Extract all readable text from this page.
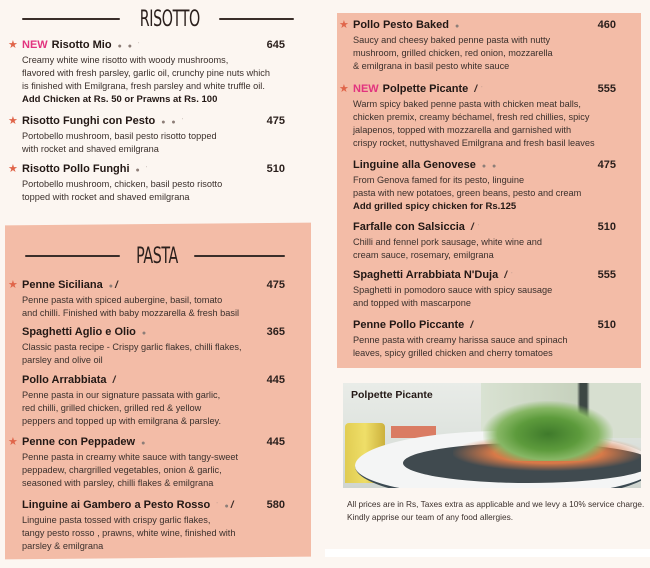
RISOTTO
★ NEW Risotto Mio ● ● ˙	645
Creamy white wine risotto with woody mushrooms,
flavored with fresh parsley, garlic oil, crunchy pine nuts which
is finished with Emilgrana, fresh parsley and white truffle oil.
Add Chicken at Rs. 50 or Prawns at Rs. 100
★ Risotto Funghi con Pesto ● ● ˙	475
Portobello mushroom, basil pesto risotto topped
with rocket and shaved emilgrana
★ Risotto Pollo Funghi ● ˙	510
Portobello mushroom, chicken, basil pesto risotto
topped with rocket and shaved emilgrana
PASTA
★ Penne Siciliana ●/	475
Penne pasta with spiced aubergine, basil, tomato
and chilli. Finished with baby mozzarella & fresh basil
Spaghetti Aglio e Olio ●	365
Classic pasta recipe - Crispy garlic flakes, chilli flakes,
parsley and olive oil
Pollo Arrabbiata /	445
Penne pasta in our signature passata with garlic,
red chilli, grilled chicken, grilled red & yellow
peppers and topped up with emilgrana & parsley.
★ Penne con Peppadew ●	445
Penne pasta in creamy white sauce with tangy-sweet
peppadew, chargrilled vegetables, onion & garlic,
seasoned with parsley, chilli flakes & emilgrana
Linguine ai Gambero a Pesto Rosso ˙ ●/	580
Linguine pasta tossed with crispy garlic flakes,
tangy pesto rosso , prawns, white wine, finished with
parsley & emilgrana
★ Pollo Pesto Baked ●	460
Saucy and cheesy baked penne pasta with nutty
mushroom, grilled chicken, red onion, mozzarella
& emilgrana in basil pesto white sauce
★ NEW Polpette Picante / ˙	555
Warm spicy baked penne pasta with chicken meat balls,
chicken premix, creamy béchamel, fresh red chillies, spicy
jalapenos, topped with mozzarella and garnished with
crispy rocket, nuttyshaved Emilgrana and fresh basil leaves
Linguine alla Genovese ● ●	475
From Genova famed for its pesto, linguine
pasta with new potatoes, green beans, pesto and cream
Add grilled spicy chicken for Rs.125
Farfalle con Salsiccia / ˙	510
Chilli and fennel pork sausage, white wine and
cream sauce, rosemary, emilgrana
Spaghetti Arrabbiata N'Duja / ˙	555
Spaghetti in pomodoro sauce with spicy sausage
and topped with mascarpone
Penne Pollo Piccante /	510
Penne pasta with creamy harissa sauce and spinach
leaves, spicy grilled chicken and cherry tomatoes
Polpette Picante
All prices are in Rs, Taxes extra as applicable and we levy a 10% service charge.
Kindly apprise our team of any food allergies.
